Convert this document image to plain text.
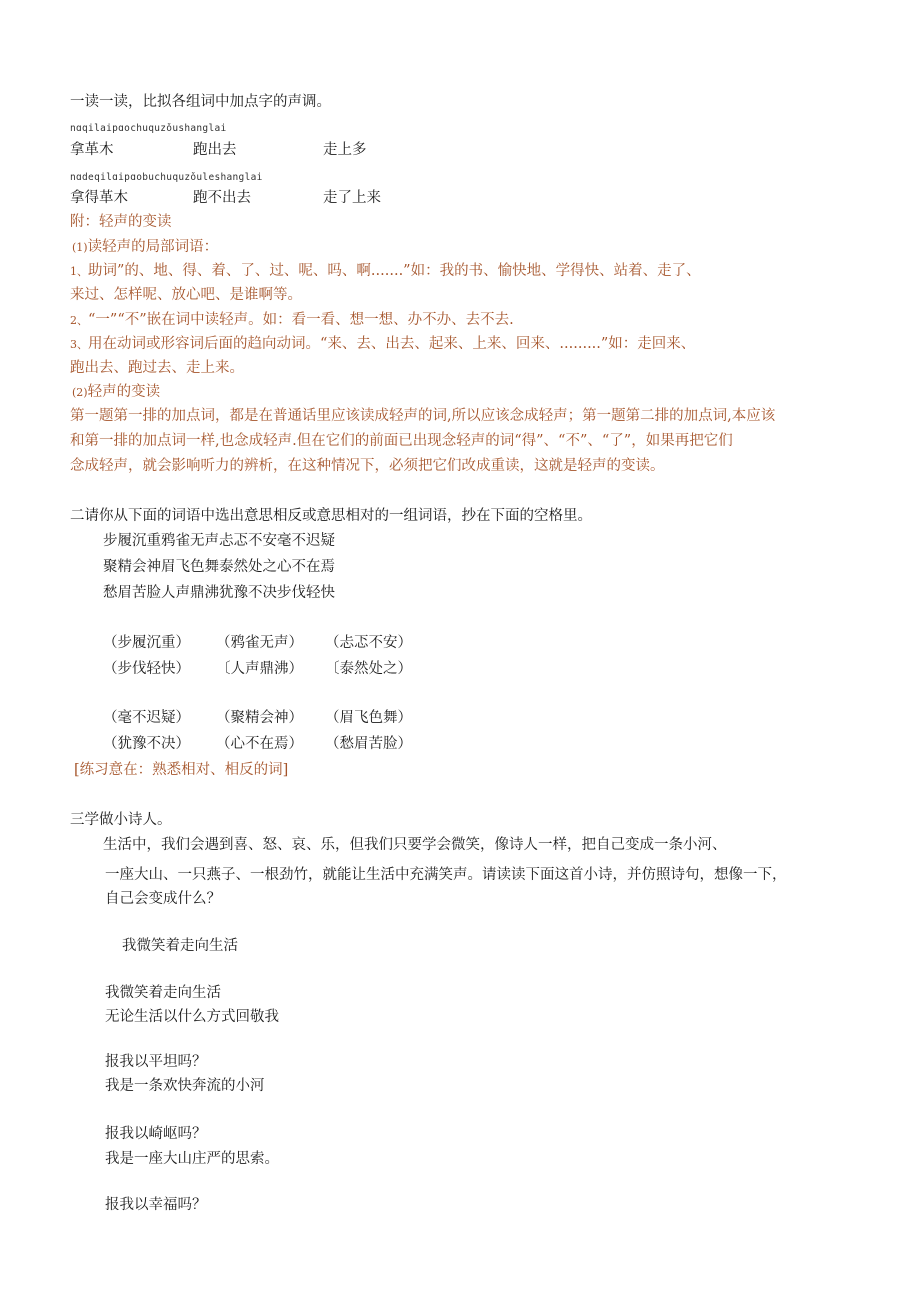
一读一读，比拟各组词中加点字的声调。
nɑqilaipɑochuquzǒushanglai
拿革木	跑出去	走上多
nɑdeqilɑipɑobuchuquzǒuleshanglai
拿得革木	跑不出去	走了上来
附：轻声的变读
(1)读轻声的局部词语：
1、助词”的、地、得、着、了、过、呢、吗、啊.......”如：我的书、愉快地、学得快、站着、走了、
来过、怎样呢、放心吧、是谁啊等。
2、“一”“不”嵌在词中读轻声。如：看一看、想一想、办不办、去不去.
3、用在动词或形容词后面的趋向动词。“来、去、出去、起来、上来、回来、.........”如：走回来、
跑出去、跑过去、走上来。
(2)轻声的变读
第一题第一排的加点词，都是在普通话里应该读成轻声的词,所以应该念成轻声；第一题第二排的加点词,本应该
和第一排的加点词一样,也念成轻声.但在它们的前面已出现念轻声的词“得”、“不”、“了”，如果再把它们
念成轻声，就会影响听力的辨析，在这种情况下，必须把它们改成重读，这就是轻声的变读。
二请你从下面的词语中选出意思相反或意思相对的一组词语，抄在下面的空格里。
步履沉重鸦雀无声忐忑不安毫不迟疑
聚精会神眉飞色舞泰然处之心不在焉
愁眉苦脸人声鼎沸犹豫不决步伐轻快
（步履沉重） （鸦雀无声） （忐忑不安）
（步伐轻快） 〔人声鼎沸） 〔泰然处之）
（毫不迟疑） （聚精会神） （眉飞色舞）
（犹豫不决） （心不在焉） （愁眉苦脸）
[练习意在：熟悉相对、相反的词]
三学做小诗人。
生活中，我们会遇到喜、怒、哀、乐，但我们只要学会微笑，像诗人一样，把自己变成一条小河、
一座大山、一只燕子、一根劲竹，就能让生活中充满笑声。请读读下面这首小诗，并仿照诗句，想像一下，
自己会变成什么？
我微笑着走向生活
我微笑着走向生活
无论生活以什么方式回敬我
报我以平坦吗？
我是一条欢快奔流的小河
报我以崎岖吗？
我是一座大山庄严的思索。
报我以幸福吗？
